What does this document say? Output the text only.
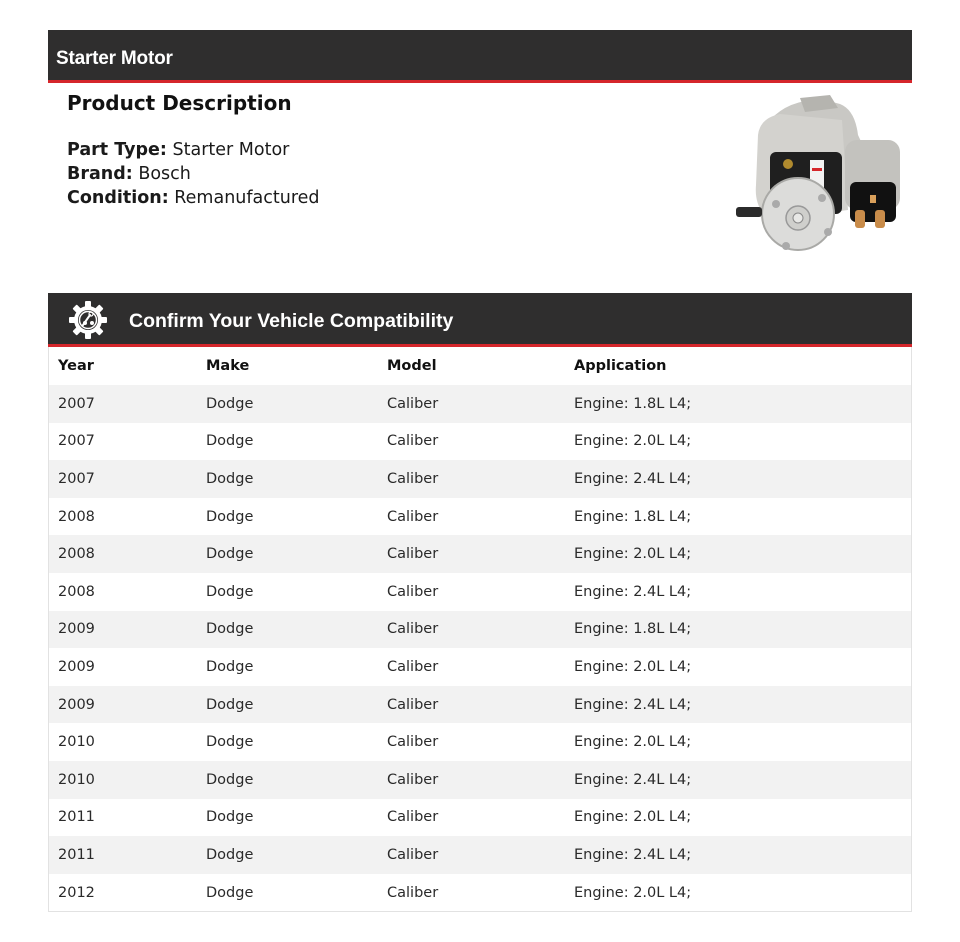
Starter Motor
Product Description
Part Type: Starter Motor
Brand: Bosch
Condition: Remanufactured
Confirm Your Vehicle Compatibility
Year	Make	Model	Application
2007	Dodge	Caliber	Engine: 1.8L L4;
2007	Dodge	Caliber	Engine: 2.0L L4;
2007	Dodge	Caliber	Engine: 2.4L L4;
2008	Dodge	Caliber	Engine: 1.8L L4;
2008	Dodge	Caliber	Engine: 2.0L L4;
2008	Dodge	Caliber	Engine: 2.4L L4;
2009	Dodge	Caliber	Engine: 1.8L L4;
2009	Dodge	Caliber	Engine: 2.0L L4;
2009	Dodge	Caliber	Engine: 2.4L L4;
2010	Dodge	Caliber	Engine: 2.0L L4;
2010	Dodge	Caliber	Engine: 2.4L L4;
2011	Dodge	Caliber	Engine: 2.0L L4;
2011	Dodge	Caliber	Engine: 2.4L L4;
2012	Dodge	Caliber	Engine: 2.0L L4;
